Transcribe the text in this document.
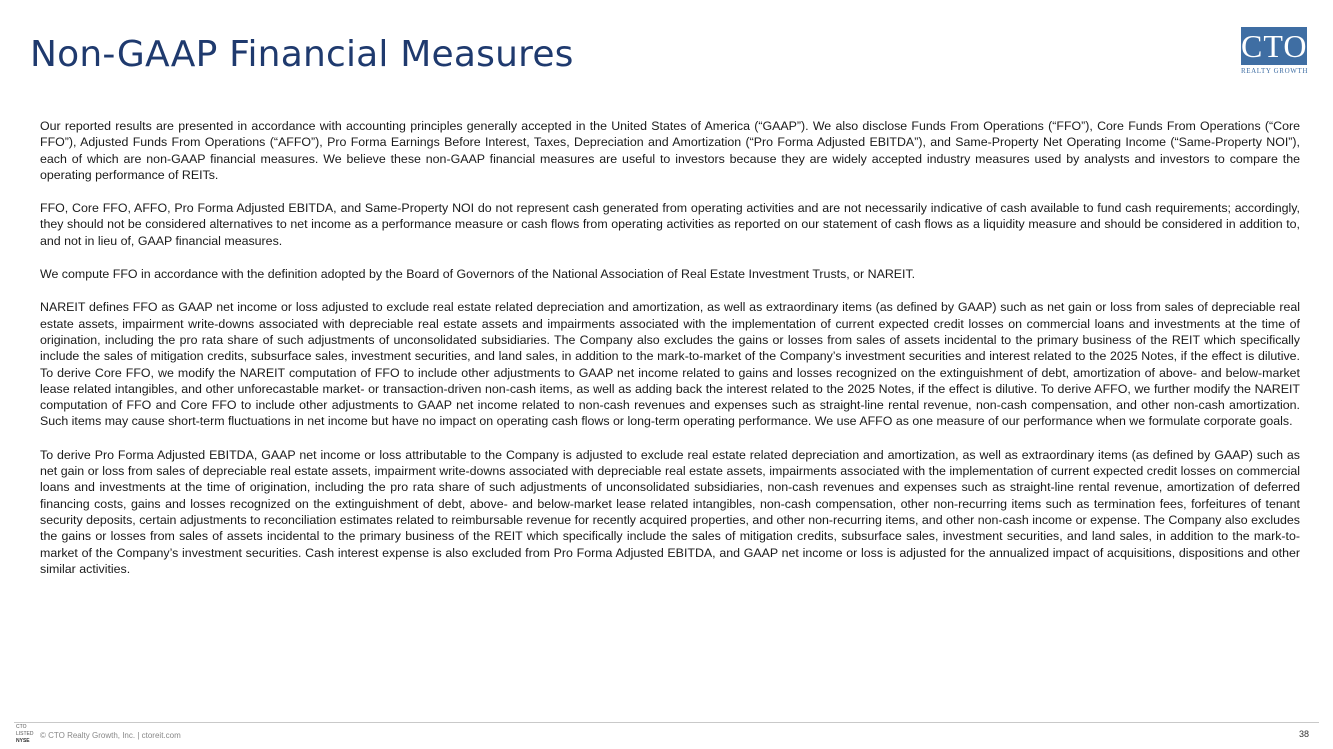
Non-GAAP Financial Measures	CTO
REALTY GROWTH

Our reported results are presented in accordance with accounting principles generally accepted in the United States of America (“GAAP”). We also disclose Funds From Operations (“FFO”), Core Funds From Operations (“Core FFO”), Adjusted Funds From Operations (“AFFO”), Pro Forma Earnings Before Interest, Taxes, Depreciation and Amortization (“Pro Forma Adjusted EBITDA”), and Same-Property Net Operating Income (“Same-Property NOI”), each of which are non-GAAP financial measures. We believe these non-GAAP financial measures are useful to investors because they are widely accepted industry measures used by analysts and investors to compare the operating performance of REITs.

FFO, Core FFO, AFFO, Pro Forma Adjusted EBITDA, and Same-Property NOI do not represent cash generated from operating activities and are not necessarily indicative of cash available to fund cash requirements; accordingly, they should not be considered alternatives to net income as a performance measure or cash flows from operating activities as reported on our statement of cash flows as a liquidity measure and should be considered in addition to, and not in lieu of, GAAP financial measures.

We compute FFO in accordance with the definition adopted by the Board of Governors of the National Association of Real Estate Investment Trusts, or NAREIT.

NAREIT defines FFO as GAAP net income or loss adjusted to exclude real estate related depreciation and amortization, as well as extraordinary items (as defined by GAAP) such as net gain or loss from sales of depreciable real estate assets, impairment write-downs associated with depreciable real estate assets and impairments associated with the implementation of current expected credit losses on commercial loans and investments at the time of origination, including the pro rata share of such adjustments of unconsolidated subsidiaries. The Company also excludes the gains or losses from sales of assets incidental to the primary business of the REIT which specifically include the sales of mitigation credits, subsurface sales, investment securities, and land sales, in addition to the mark-to-market of the Company’s investment securities and interest related to the 2025 Notes, if the effect is dilutive. To derive Core FFO, we modify the NAREIT computation of FFO to include other adjustments to GAAP net income related to gains and losses recognized on the extinguishment of debt, amortization of above- and below-market lease related intangibles, and other unforecastable market- or transaction-driven non-cash items, as well as adding back the interest related to the 2025 Notes, if the effect is dilutive. To derive AFFO, we further modify the NAREIT computation of FFO and Core FFO to include other adjustments to GAAP net income related to non-cash revenues and expenses such as straight-line rental revenue, non-cash compensation, and other non-cash amortization. Such items may cause short-term fluctuations in net income but have no impact on operating cash flows or long-term operating performance. We use AFFO as one measure of our performance when we formulate corporate goals.

To derive Pro Forma Adjusted EBITDA, GAAP net income or loss attributable to the Company is adjusted to exclude real estate related depreciation and amortization, as well as extraordinary items (as defined by GAAP) such as net gain or loss from sales of depreciable real estate assets, impairment write-downs associated with depreciable real estate assets, impairments associated with the implementation of current expected credit losses on commercial loans and investments at the time of origination, including the pro rata share of such adjustments of unconsolidated subsidiaries, non-cash revenues and expenses such as straight-line rental revenue, amortization of deferred financing costs, gains and losses recognized on the extinguishment of debt, above- and below-market lease related intangibles, non-cash compensation, other non-recurring items such as termination fees, forfeitures of tenant security deposits, certain adjustments to reconciliation estimates related to reimbursable revenue for recently acquired properties, and other non-recurring items, and other non-cash income or expense. The Company also excludes the gains or losses from sales of assets incidental to the primary business of the REIT which specifically include the sales of mitigation credits, subsurface sales, investment securities, and land sales, in addition to the mark-to-market of the Company’s investment securities. Cash interest expense is also excluded from Pro Forma Adjusted EBITDA, and GAAP net income or loss is adjusted for the annualized impact of acquisitions, dispositions and other similar activities.

CTO
LISTED
NYSE
© CTO Realty Growth, Inc. | ctoreit.com	38
